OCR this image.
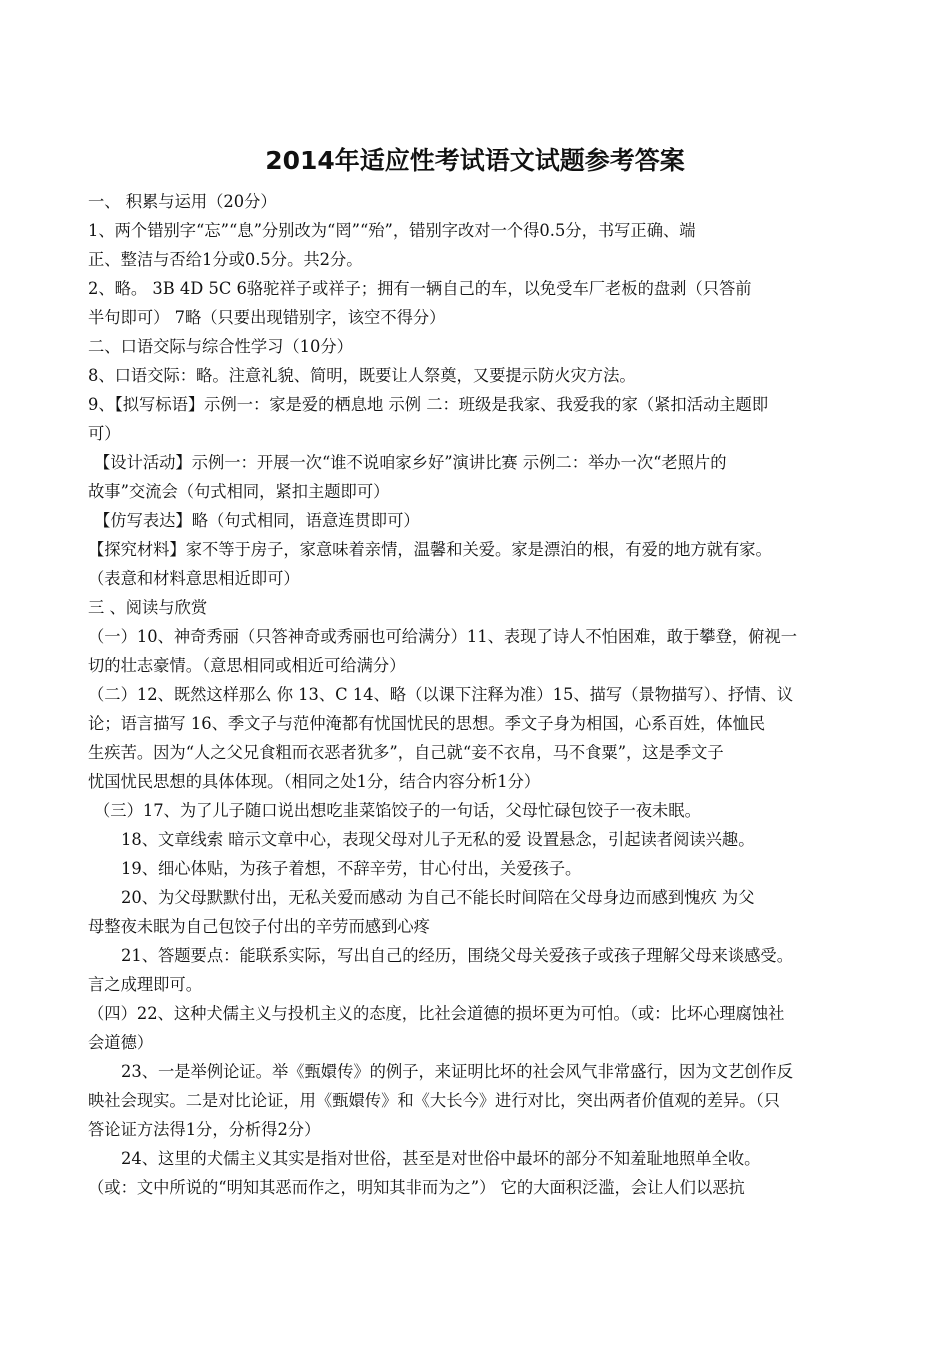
2014年适应性考试语文试题参考答案
一、 积累与运用（20分）
1、两个错别字“忘”“息”分别改为“罔”“殆”，错别字改对一个得0.5分，书写正确、端
正、整洁与否给1分或0.5分。共2分。
2、略。 3B 4D 5C 6骆驼祥子或祥子；拥有一辆自己的车，以免受车厂老板的盘剥（只答前
半句即可） 7略（只要出现错别字，该空不得分）
二、口语交际与综合性学习（10分）
8、口语交际：略。注意礼貌、简明，既要让人祭奠，又要提示防火灾方法。
9、【拟写标语】示例一：家是爱的栖息地 示例 二：班级是我家、我爱我的家（紧扣活动主题即
可）
【设计活动】示例一：开展一次“谁不说咱家乡好”演讲比赛 示例二：举办一次“老照片的
故事”交流会（句式相同，紧扣主题即可）
【仿写表达】略（句式相同，语意连贯即可）
【探究材料】家不等于房子，家意味着亲情，温馨和关爱。家是漂泊的根，有爱的地方就有家。
（表意和材料意思相近即可）
三 、阅读与欣赏
（一）10、神奇秀丽（只答神奇或秀丽也可给满分）11、表现了诗人不怕困难，敢于攀登，俯视一
切的壮志豪情。（意思相同或相近可给满分）
（二）12、既然这样那么 你 13、C 14、略（以课下注释为准）15、描写（景物描写）、抒情、议
论；语言描写 16、季文子与范仲淹都有忧国忧民的思想。季文子身为相国，心系百姓，体恤民
生疾苦。因为“人之父兄食粗而衣恶者犹多”，自己就“妾不衣帛，马不食粟”，这是季文子
忧国忧民思想的具体体现。（相同之处1分，结合内容分析1分）
（三）17、为了儿子随口说出想吃韭菜馅饺子的一句话，父母忙碌包饺子一夜未眠。
18、文章线索 暗示文章中心，表现父母对儿子无私的爱 设置悬念，引起读者阅读兴趣。
19、细心体贴，为孩子着想，不辞辛劳，甘心付出，关爱孩子。
20、为父母默默付出，无私关爱而感动 为自己不能长时间陪在父母身边而感到愧疚 为父
母整夜未眠为自己包饺子付出的辛劳而感到心疼
21、答题要点：能联系实际，写出自己的经历，围绕父母关爱孩子或孩子理解父母来谈感受。
言之成理即可。
（四）22、这种犬儒主义与投机主义的态度，比社会道德的损坏更为可怕。（或：比坏心理腐蚀社
会道德）
23、一是举例论证。举《甄嬛传》的例子，来证明比坏的社会风气非常盛行，因为文艺创作反
映社会现实。二是对比论证，用《甄嬛传》和《大长今》进行对比，突出两者价值观的差异。（只
答论证方法得1分，分析得2分）
24、这里的犬儒主义其实是指对世俗，甚至是对世俗中最坏的部分不知羞耻地照单全收。
（或：文中所说的“明知其恶而作之，明知其非而为之”） 它的大面积泛滥，会让人们以恶抗
